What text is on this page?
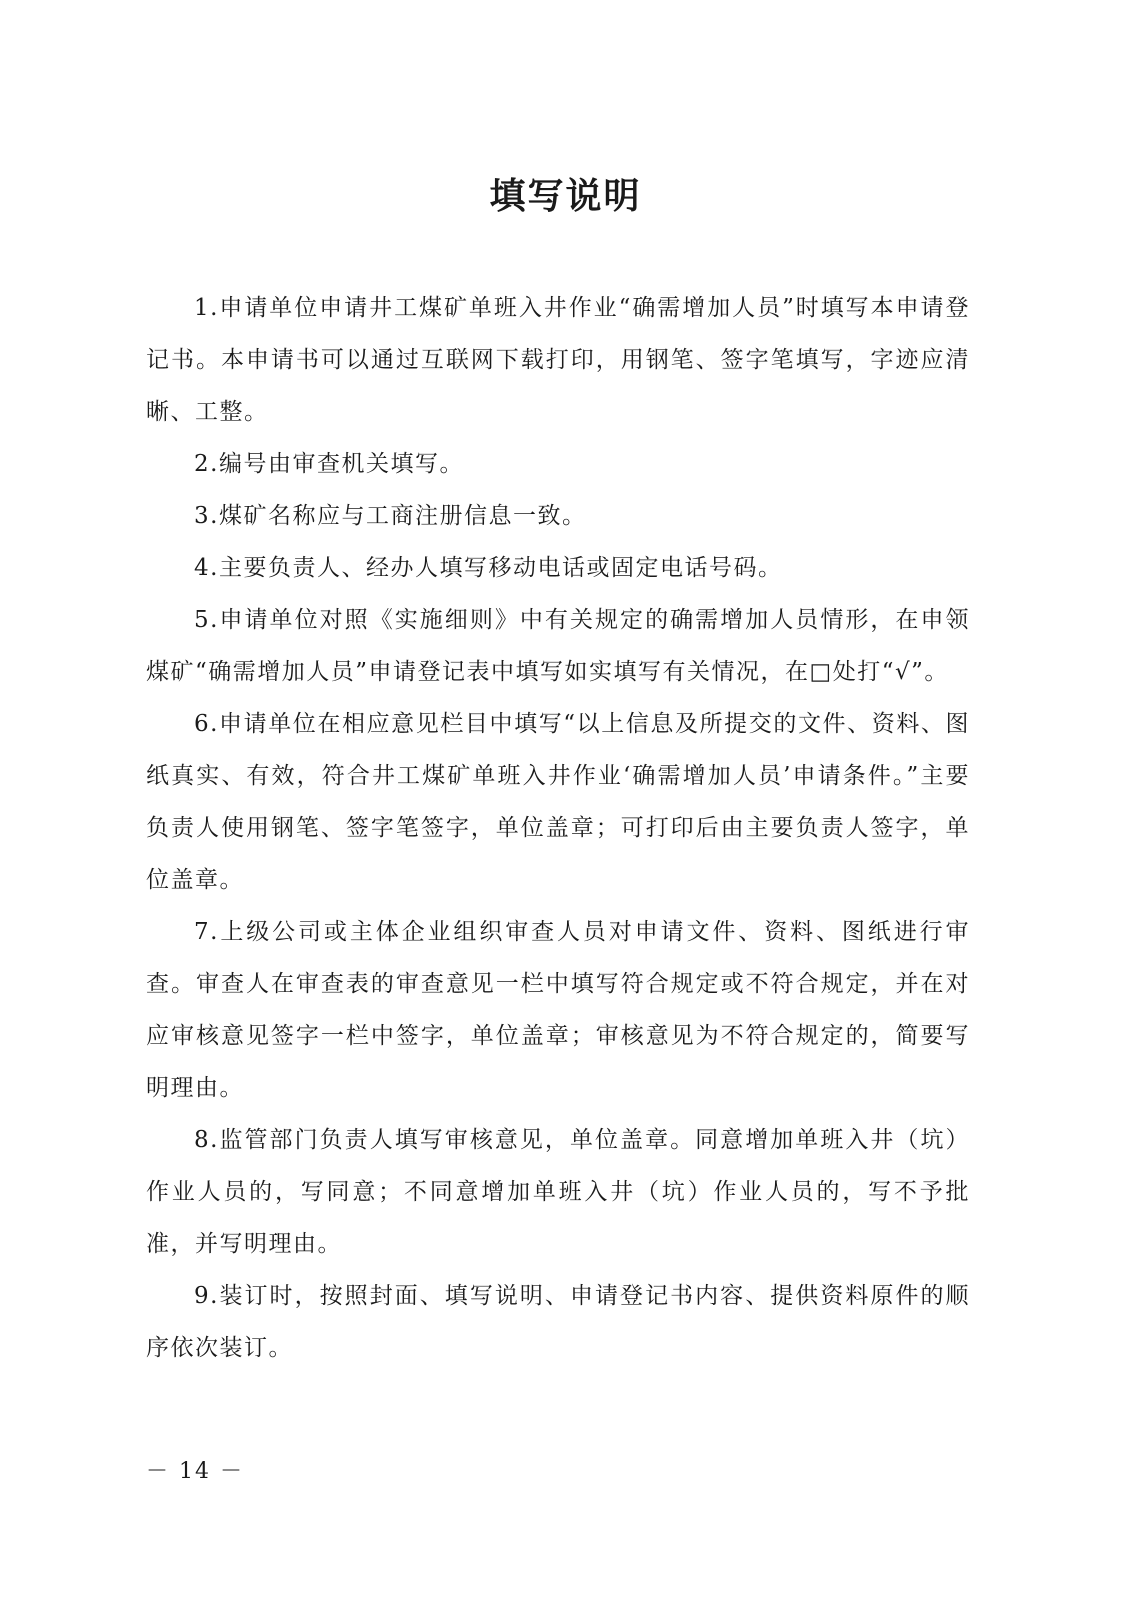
填写说明

1.申请单位申请井工煤矿单班入井作业“确需增加人员”时填写本申请登记书。本申请书可以通过互联网下载打印，用钢笔、签字笔填写，字迹应清晰、工整。

2.编号由审查机关填写。

3.煤矿名称应与工商注册信息一致。

4.主要负责人、经办人填写移动电话或固定电话号码。

5.申请单位对照《实施细则》中有关规定的确需增加人员情形，在申领煤矿“确需增加人员”申请登记表中填写如实填写有关情况，在□处打“√”。

6.申请单位在相应意见栏目中填写“以上信息及所提交的文件、资料、图纸真实、有效，符合井工煤矿单班入井作业‘确需增加人员’申请条件。”主要负责人使用钢笔、签字笔签字，单位盖章；可打印后由主要负责人签字，单位盖章。

7.上级公司或主体企业组织审查人员对申请文件、资料、图纸进行审查。审查人在审查表的审查意见一栏中填写符合规定或不符合规定，并在对应审核意见签字一栏中签字，单位盖章；审核意见为不符合规定的，简要写明理由。

8.监管部门负责人填写审核意见，单位盖章。同意增加单班入井（坑）作业人员的，写同意；不同意增加单班入井（坑）作业人员的，写不予批准，并写明理由。

9.装订时，按照封面、填写说明、申请登记书内容、提供资料原件的顺序依次装订。

－ 14 －
